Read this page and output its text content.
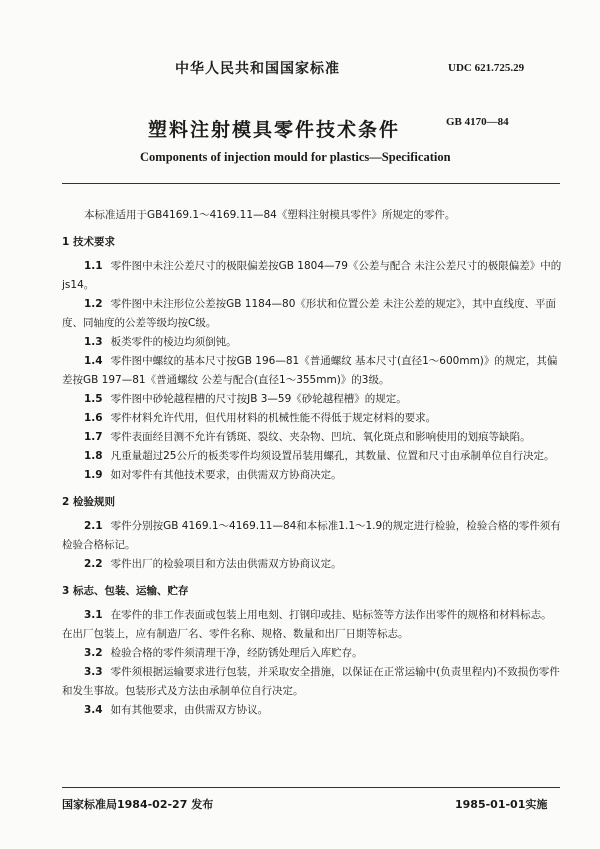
中华人民共和国国家标准	UDC 621.725.29
塑料注射模具零件技术条件	GB 4170—84
Components of injection mould for plastics—Specification

本标准适用于GB4169.1～4169.11—84《塑料注射模具零件》所规定的零件。

1 技术要求

1.1 零件图中未注公差尺寸的极限偏差按GB 1804—79《公差与配合 未注公差尺寸的极限偏差》中的js14。

1.2 零件图中未注形位公差按GB 1184—80《形状和位置公差 未注公差的规定》，其中直线度、平面度、同轴度的公差等级均按C级。

1.3 板类零件的棱边均须倒钝。

1.4 零件图中螺纹的基本尺寸按GB 196—81《普通螺纹 基本尺寸(直径1～600mm)》的规定，其偏差按GB 197—81《普通螺纹 公差与配合(直径1～355mm)》的3级。

1.5 零件图中砂轮越程槽的尺寸按JB 3—59《砂轮越程槽》的规定。

1.6 零件材料允许代用，但代用材料的机械性能不得低于规定材料的要求。

1.7 零件表面经目测不允许有锈斑、裂纹、夹杂物、凹坑、氧化斑点和影响使用的划痕等缺陷。

1.8 凡重量超过25公斤的板类零件均须设置吊装用螺孔，其数量、位置和尺寸由承制单位自行决定。

1.9 如对零件有其他技术要求，由供需双方协商决定。

2 检验规则

2.1 零件分别按GB 4169.1～4169.11—84和本标准1.1～1.9的规定进行检验，检验合格的零件须有检验合格标记。

2.2 零件出厂的检验项目和方法由供需双方协商议定。

3 标志、包装、运输、贮存

3.1 在零件的非工作表面或包装上用电刻、打钢印或挂、贴标签等方法作出零件的规格和材料标志。在出厂包装上，应有制造厂名、零件名称、规格、数量和出厂日期等标志。

3.2 检验合格的零件须清理干净，经防锈处理后入库贮存。

3.3 零件须根据运输要求进行包装，并采取安全措施，以保证在正常运输中(负责里程内)不致损伤零件和发生事故。包装形式及方法由承制单位自行决定。

3.4 如有其他要求，由供需双方协议。

国家标准局1984-02-27 发布	1985-01-01实施
